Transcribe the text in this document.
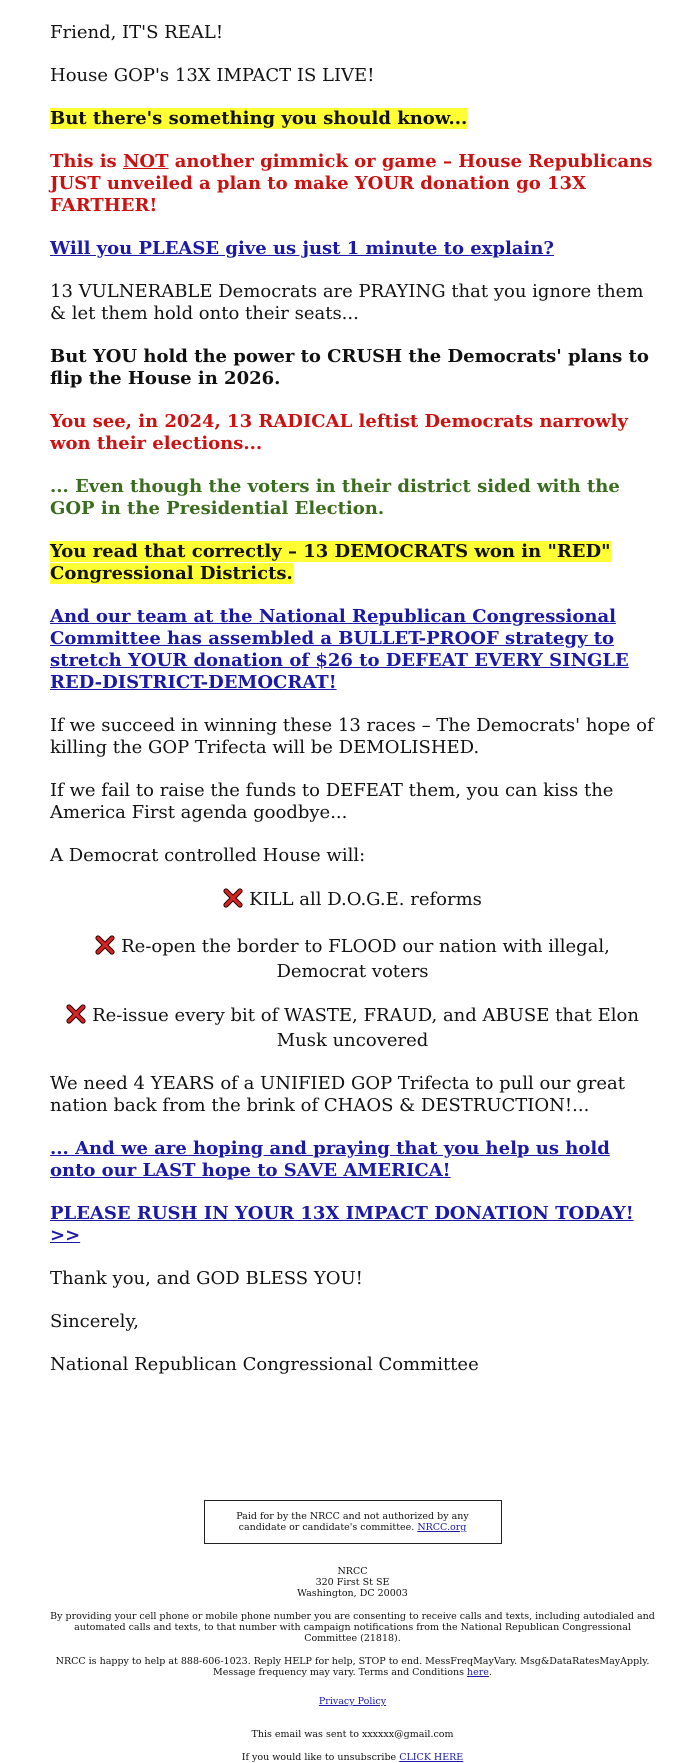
Friend, IT'S REAL!

House GOP's 13X IMPACT IS LIVE!

But there's something you should know...

This is NOT another gimmick or game – House Republicans JUST unveiled a plan to make YOUR donation go 13X FARTHER!

Will you PLEASE give us just 1 minute to explain?

13 VULNERABLE Democrats are PRAYING that you ignore them & let them hold onto their seats...

But YOU hold the power to CRUSH the Democrats' plans to flip the House in 2026.

You see, in 2024, 13 RADICAL leftist Democrats narrowly won their elections...

... Even though the voters in their district sided with the GOP in the Presidential Election.

You read that correctly – 13 DEMOCRATS won in "RED" Congressional Districts.

And our team at the National Republican Congressional Committee has assembled a BULLET-PROOF strategy to stretch YOUR donation of $26 to DEFEAT EVERY SINGLE RED-DISTRICT-DEMOCRAT!

If we succeed in winning these 13 races – The Democrats' hope of killing the GOP Trifecta will be DEMOLISHED.

If we fail to raise the funds to DEFEAT them, you can kiss the America First agenda goodbye...

A Democrat controlled House will:

KILL all D.O.G.E. reforms

Re-open the border to FLOOD our nation with illegal, Democrat voters

Re-issue every bit of WASTE, FRAUD, and ABUSE that Elon Musk uncovered

We need 4 YEARS of a UNIFIED GOP Trifecta to pull our great nation back from the brink of CHAOS & DESTRUCTION!...

... And we are hoping and praying that you help us hold onto our LAST hope to SAVE AMERICA!

PLEASE RUSH IN YOUR 13X IMPACT DONATION TODAY! >>

Thank you, and GOD BLESS YOU!

Sincerely,

National Republican Congressional Committee

Paid for by the NRCC and not authorized by any candidate or candidate's committee. NRCC.org
NRCC
320 First St SE
Washington, DC 20003
By providing your cell phone or mobile phone number you are consenting to receive calls and texts, including autodialed and automated calls and texts, to that number with campaign notifications from the National Republican Congressional Committee (21818).
NRCC is happy to help at 888-606-1023. Reply HELP for help, STOP to end. MessFreqMayVary. Msg&DataRatesMayApply. Message frequency may vary. Terms and Conditions here.
Privacy Policy
This email was sent to xxxxxx@gmail.com
If you would like to unsubscribe CLICK HERE
